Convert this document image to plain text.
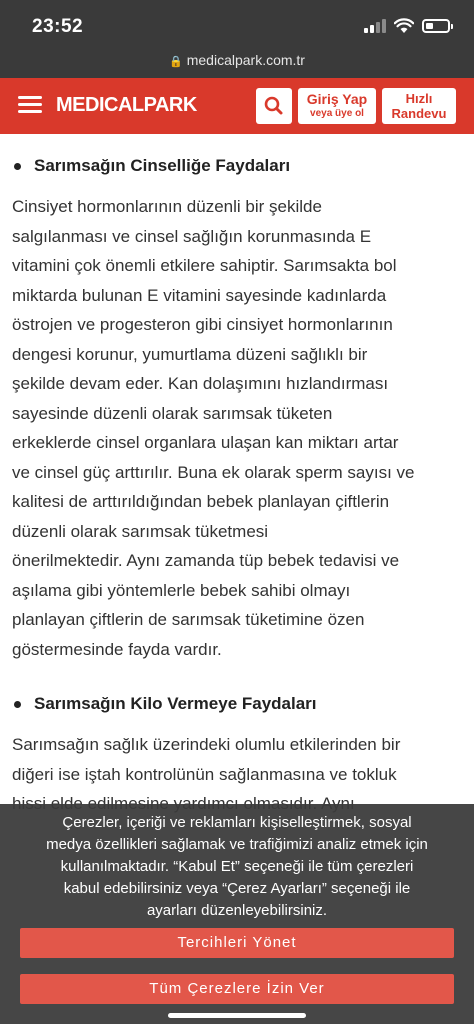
23:52
🔒 medicalpark.com.tr
MEDICALPARK	Giriş Yap
veya üye ol
Hızlı
Randevu
Sarımsağın Cinselliğe Faydaları
Cinsiyet hormonlarının düzenli bir şekilde
salgılanması ve cinsel sağlığın korunmasında E
vitamini çok önemli etkilere sahiptir. Sarımsakta bol
miktarda bulunan E vitamini sayesinde kadınlarda
östrojen ve progesteron gibi cinsiyet hormonlarının
dengesi korunur, yumurtlama düzeni sağlıklı bir
şekilde devam eder. Kan dolaşımını hızlandırması
sayesinde düzenli olarak sarımsak tüketen
erkeklerde cinsel organlara ulaşan kan miktarı artar
ve cinsel güç arttırılır. Buna ek olarak sperm sayısı ve
kalitesi de arttırıldığından bebek planlayan çiftlerin
düzenli olarak sarımsak tüketmesi
önerilmektedir. Aynı zamanda tüp bebek tedavisi ve
aşılama gibi yöntemlerle bebek sahibi olmayı
planlayan çiftlerin de sarımsak tüketimine özen
göstermesinde fayda vardır.
Sarımsağın Kilo Vermeye Faydaları
Sarımsağın sağlık üzerindeki olumlu etkilerinden bir
diğeri ise iştah kontrolünün sağlanmasına ve tokluk
Çerezler, içeriği ve reklamları kişiselleştirmek, sosyal
medya özellikleri sağlamak ve trafiğimizi analiz etmek için
kullanılmaktadır. “Kabul Et” seçeneği ile tüm çerezleri
kabul edebilirsiniz veya “Çerez Ayarları” seçeneği ile
ayarları düzenleyebilirsiniz.
Tercihleri Yönet
Tüm Çerezlere İzin Ver
